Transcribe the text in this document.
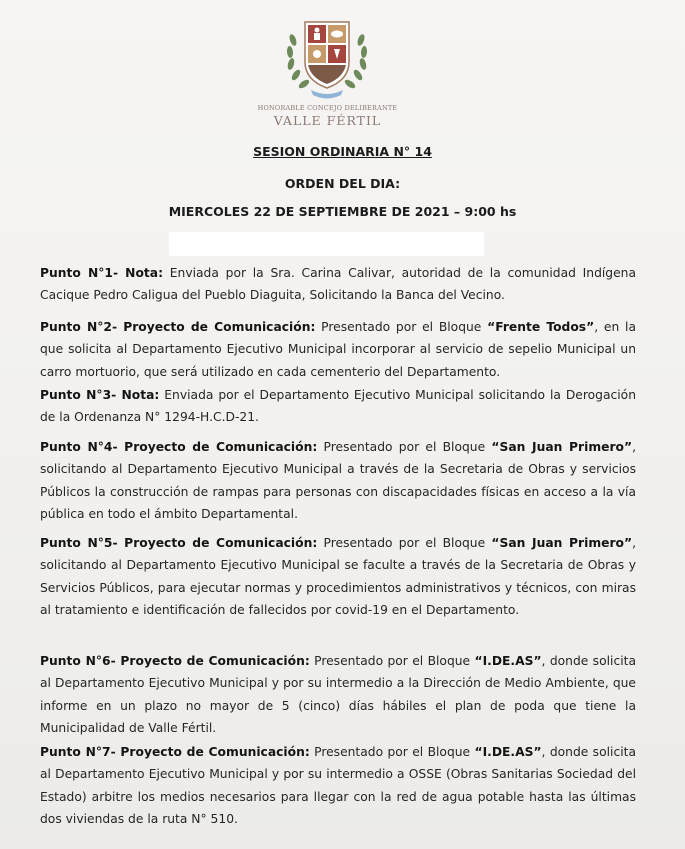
HONORABLE CONCEJO DELIBERANTE
VALLE FÉRTIL
SESION ORDINARIA N° 14
ORDEN DEL DIA:
MIERCOLES 22 DE SEPTIEMBRE DE 2021 – 9:00 hs
Punto N°1- Nota: Enviada por la Sra. Carina Calivar, autoridad de la comunidad Indígena Cacique Pedro Caligua del Pueblo Diaguita, Solicitando la Banca del Vecino.
Punto N°2- Proyecto de Comunicación: Presentado por el Bloque “Frente Todos”, en la que solicita al Departamento Ejecutivo Municipal incorporar al servicio de sepelio Municipal un carro mortuorio, que será utilizado en cada cementerio del Departamento.
Punto N°3- Nota: Enviada por el Departamento Ejecutivo Municipal solicitando la Derogación de la Ordenanza N° 1294-H.C.D-21.
Punto N°4- Proyecto de Comunicación: Presentado por el Bloque “San Juan Primero”, solicitando al Departamento Ejecutivo Municipal a través de la Secretaria de Obras y servicios Públicos la construcción de rampas para personas con discapacidades físicas en acceso a la vía pública en todo el ámbito Departamental.
Punto N°5- Proyecto de Comunicación: Presentado por el Bloque “San Juan Primero”, solicitando al Departamento Ejecutivo Municipal se faculte a través de la Secretaria de Obras y Servicios Públicos, para ejecutar normas y procedimientos administrativos y técnicos, con miras al tratamiento e identificación de fallecidos por covid-19 en el Departamento.
Punto N°6- Proyecto de Comunicación: Presentado por el Bloque “I.DE.AS”, donde solicita al Departamento Ejecutivo Municipal y por su intermedio a la Dirección de Medio Ambiente, que informe en un plazo no mayor de 5 (cinco) días hábiles el plan de poda que tiene la Municipalidad de Valle Fértil.
Punto N°7- Proyecto de Comunicación: Presentado por el Bloque “I.DE.AS”, donde solicita al Departamento Ejecutivo Municipal y por su intermedio a OSSE (Obras Sanitarias Sociedad del Estado) arbitre los medios necesarios para llegar con la red de agua potable hasta las últimas dos viviendas de la ruta N° 510.
